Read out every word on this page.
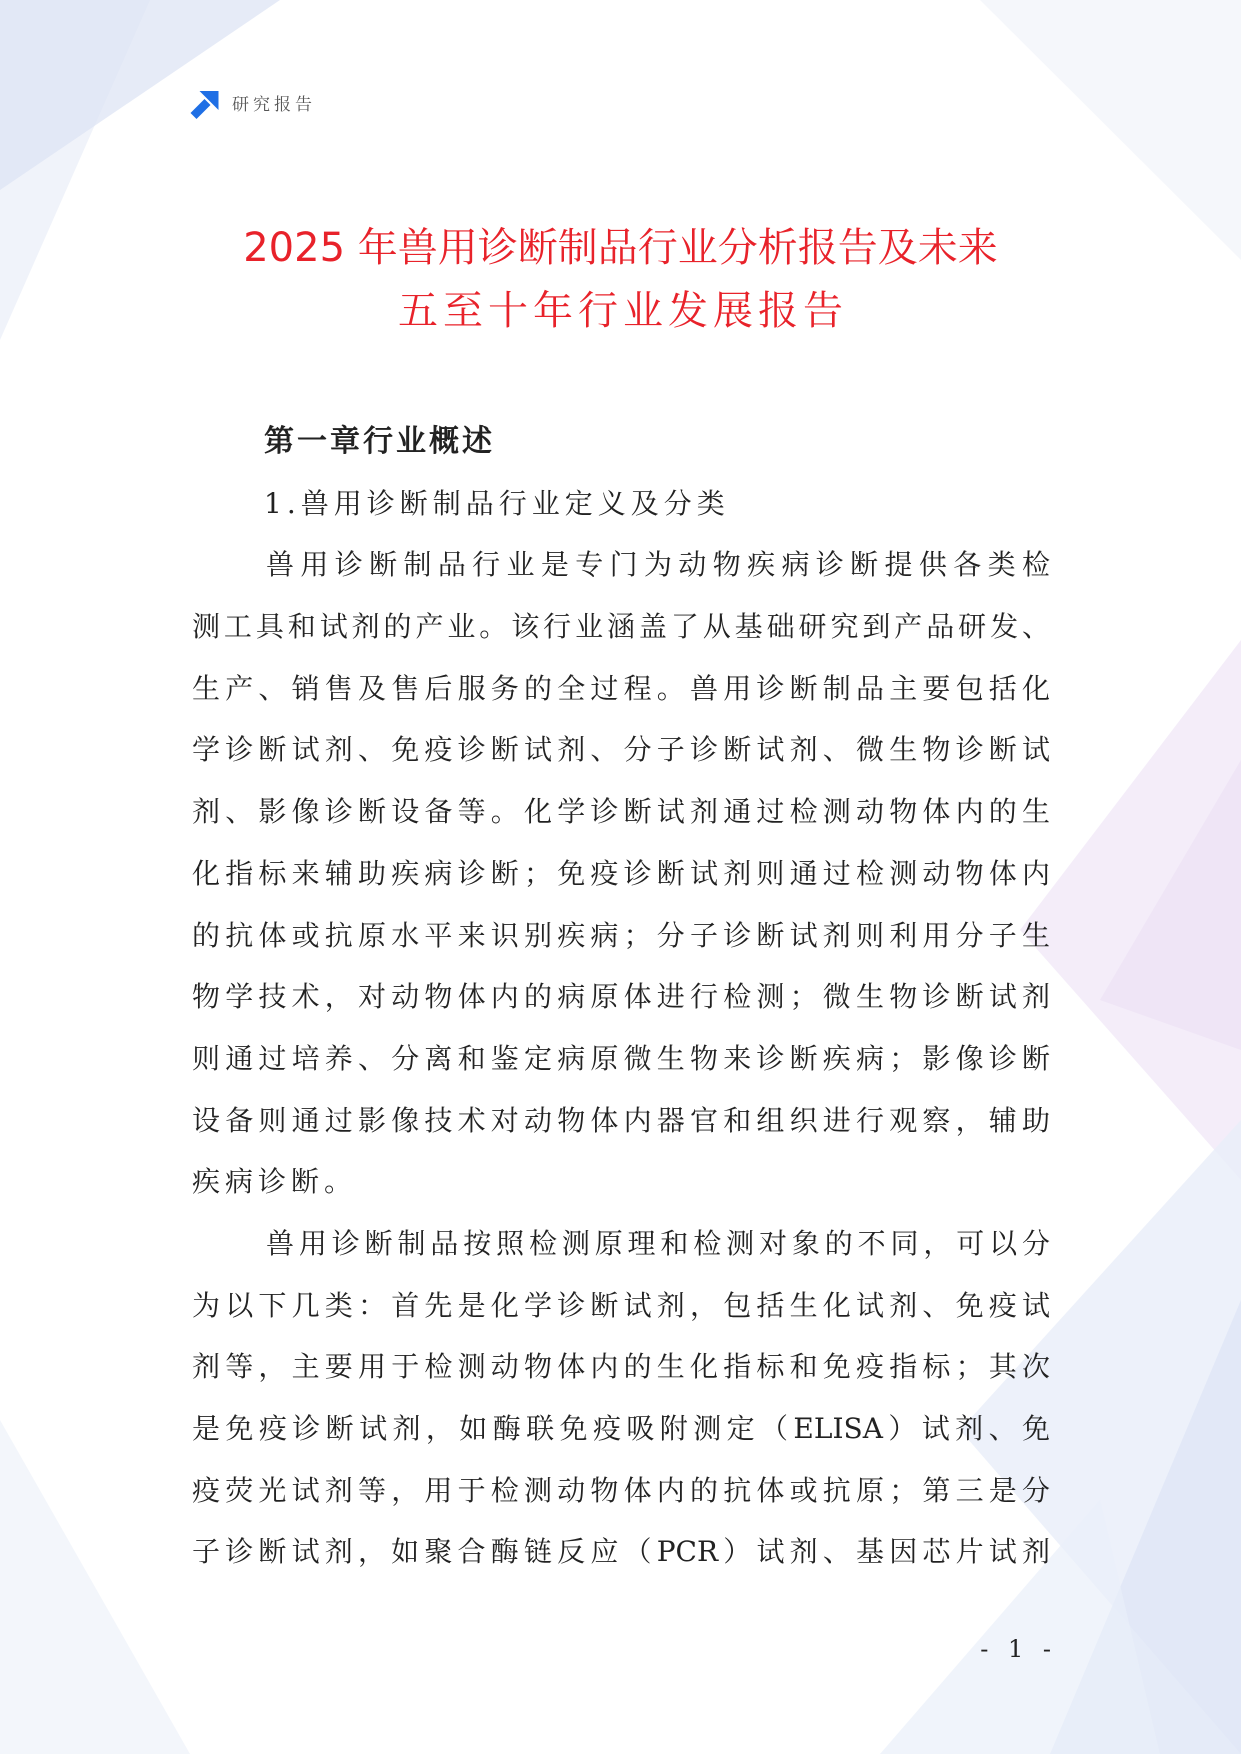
研究报告
2025 年兽用诊断制品行业分析报告及未来
五至十年行业发展报告
第一章行业概述
1.兽用诊断制品行业定义及分类
兽用诊断制品行业是专门为动物疾病诊断提供各类检
测工具和试剂的产业。该行业涵盖了从基础研究到产品研发、
生产、销售及售后服务的全过程。兽用诊断制品主要包括化
学诊断试剂、免疫诊断试剂、分子诊断试剂、微生物诊断试
剂、影像诊断设备等。化学诊断试剂通过检测动物体内的生
化指标来辅助疾病诊断；免疫诊断试剂则通过检测动物体内
的抗体或抗原水平来识别疾病；分子诊断试剂则利用分子生
物学技术，对动物体内的病原体进行检测；微生物诊断试剂
则通过培养、分离和鉴定病原微生物来诊断疾病；影像诊断
设备则通过影像技术对动物体内器官和组织进行观察，辅助
疾病诊断。
兽用诊断制品按照检测原理和检测对象的不同，可以分
为以下几类：首先是化学诊断试剂，包括生化试剂、免疫试
剂等，主要用于检测动物体内的生化指标和免疫指标；其次
是免疫诊断试剂，如酶联免疫吸附测定（ELISA）试剂、免
疫荧光试剂等，用于检测动物体内的抗体或抗原；第三是分
子诊断试剂，如聚合酶链反应（PCR）试剂、基因芯片试剂
- 1 -
